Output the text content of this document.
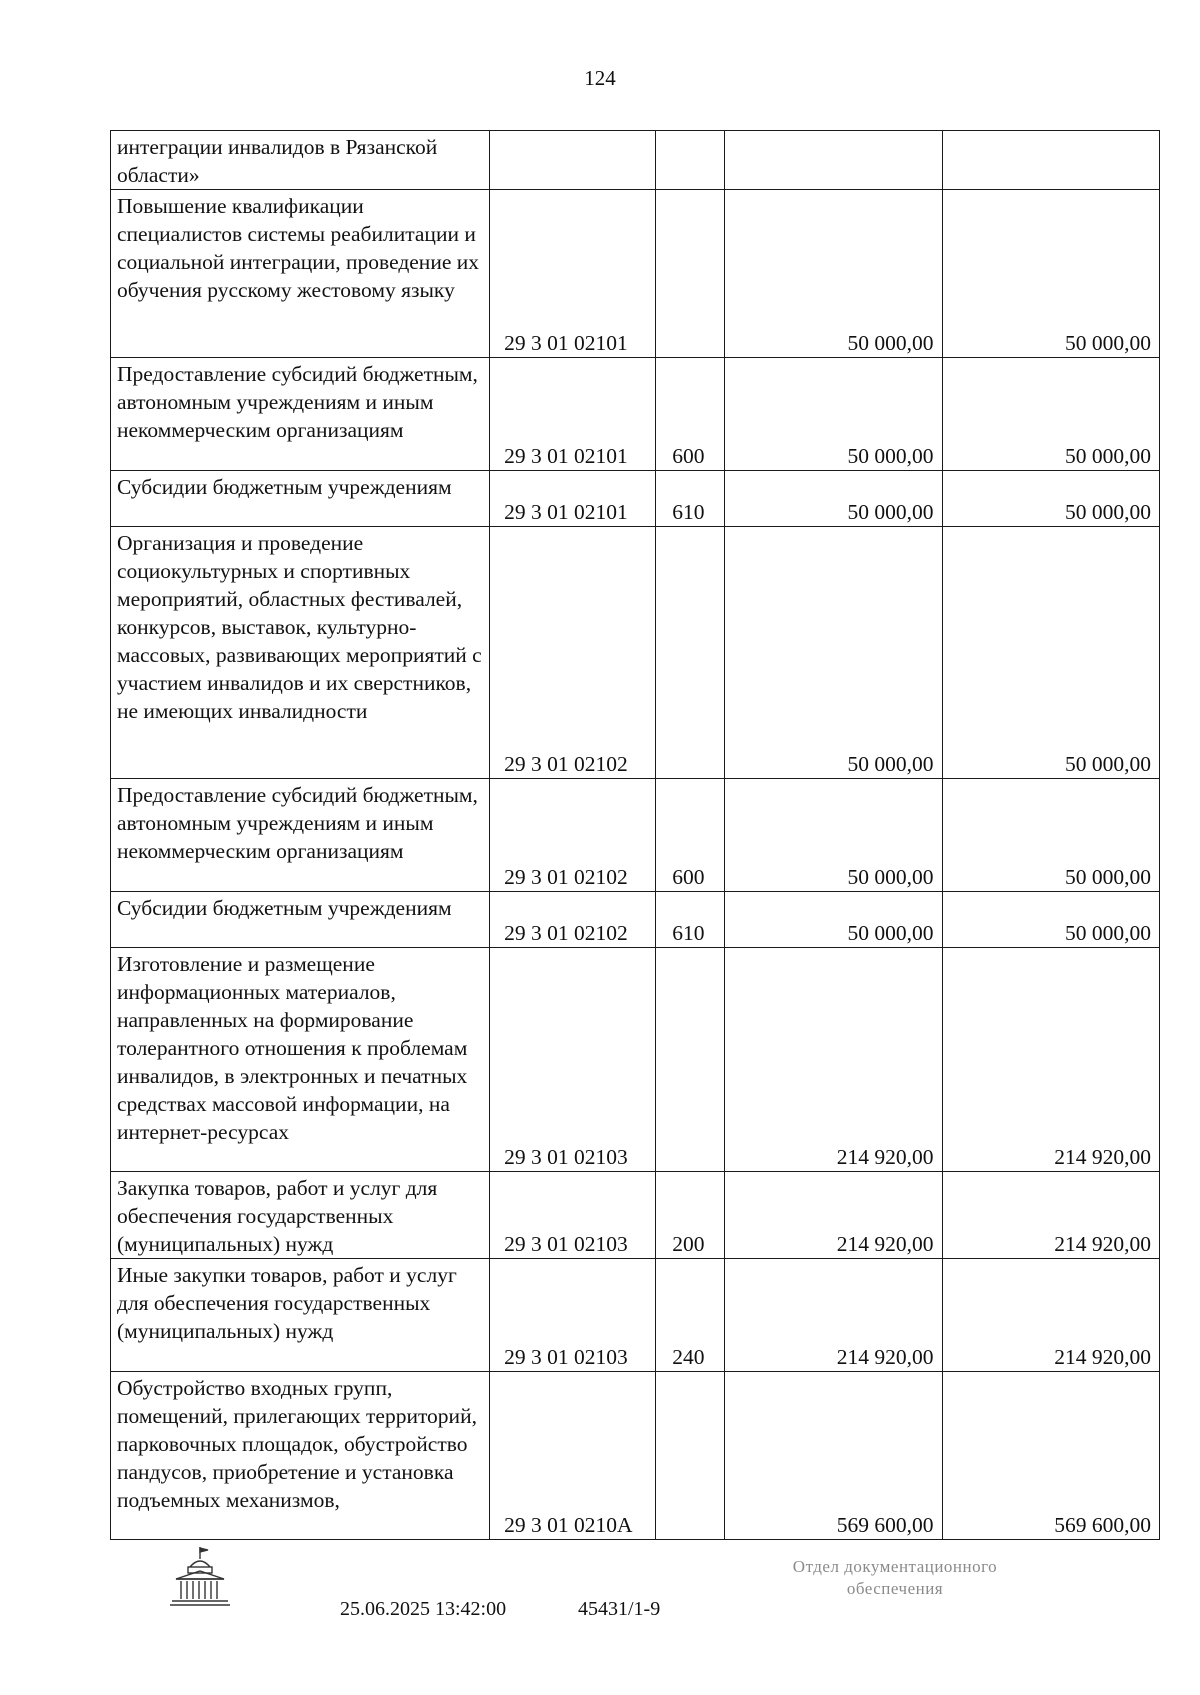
124
интеграции инвалидов в Рязанской области»				
Повышение квалификации специалистов системы реабилитации и социальной интеграции, проведение их обучения русскому жестовому языку	29 3 01 02101		50 000,00	50 000,00
Предоставление субсидий бюджетным, автономным учреждениям и иным некоммерческим организациям	29 3 01 02101	600	50 000,00	50 000,00
Субсидии бюджетным учреждениям	29 3 01 02101	610	50 000,00	50 000,00
Организация и проведение социокультурных и спортивных мероприятий, областных фестивалей, конкурсов, выставок, культурно-массовых, развивающих мероприятий с участием инвалидов и их сверстников, не имеющих инвалидности	29 3 01 02102		50 000,00	50 000,00
Предоставление субсидий бюджетным, автономным учреждениям и иным некоммерческим организациям	29 3 01 02102	600	50 000,00	50 000,00
Субсидии бюджетным учреждениям	29 3 01 02102	610	50 000,00	50 000,00
Изготовление и размещение информационных материалов, направленных на формирование толерантного отношения к проблемам инвалидов, в электронных и печатных средствах массовой информации, на интернет-ресурсах	29 3 01 02103		214 920,00	214 920,00
Закупка товаров, работ и услуг для обеспечения государственных (муниципальных) нужд	29 3 01 02103	200	214 920,00	214 920,00
Иные закупки товаров, работ и услуг для обеспечения государственных (муниципальных) нужд	29 3 01 02103	240	214 920,00	214 920,00
Обустройство входных групп, помещений, прилегающих территорий, парковочных площадок, обустройство пандусов, приобретение и установка подъемных механизмов,	29 3 01 0210А		569 600,00	569 600,00
25.06.2025 13:42:00	45431/1-9
Отдел документационного
обеспечения
